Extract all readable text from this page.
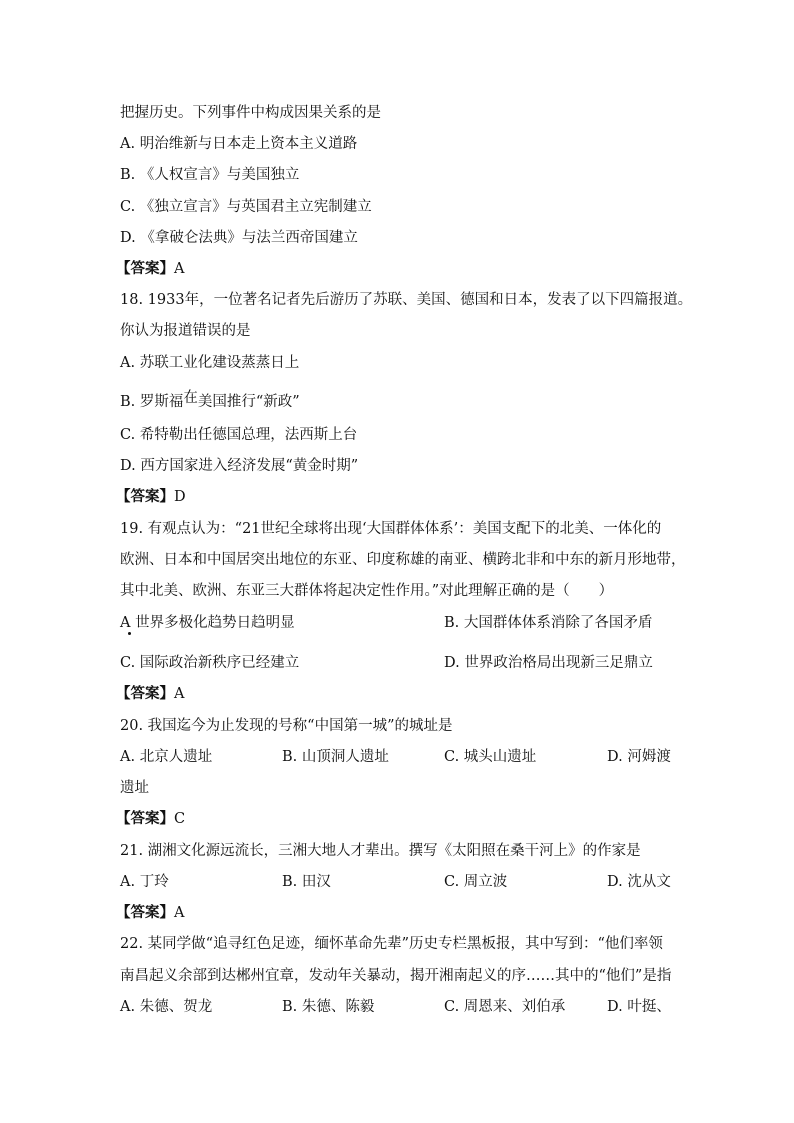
把握历史。下列事件中构成因果关系的是
A. 明治维新与日本走上资本主义道路
B. 《人权宣言》与美国独立
C. 《独立宣言》与英国君主立宪制建立
D. 《拿破仑法典》与法兰西帝国建立
【答案】A
18. 1933年，一位著名记者先后游历了苏联、美国、德国和日本，发表了以下四篇报道。
你认为报道错误的是
A. 苏联工业化建设蒸蒸日上
B. 罗斯福在美国推行“新政”
C. 希特勒出任德国总理，法西斯上台
D. 西方国家进入经济发展“黄金时期”
【答案】D
19. 有观点认为：“21世纪全球将出现‘大国群体体系’：美国支配下的北美、一体化的
欧洲、日本和中国居突出地位的东亚、印度称雄的南亚、横跨北非和中东的新月形地带，
其中北美、欧洲、东亚三大群体将起决定性作用。”对此理解正确的是（　　）
A 世界多极化趋势日趋明显	B. 大国群体体系消除了各国矛盾
C. 国际政治新秩序已经建立	D. 世界政治格局出现新三足鼎立
【答案】A
20. 我国迄今为止发现的号称“中国第一城”的城址是
A. 北京人遗址	B. 山顶洞人遗址	C. 城头山遗址	D. 河姆渡
遗址
【答案】C
21. 湖湘文化源远流长，三湘大地人才辈出。撰写《太阳照在桑干河上》的作家是
A. 丁玲	B. 田汉	C. 周立波	D. 沈从文
【答案】A
22. 某同学做“追寻红色足迹，缅怀革命先辈”历史专栏黑板报，其中写到：“他们率领
南昌起义余部到达郴州宜章，发动年关暴动，揭开湘南起义的序……其中的“他们”是指
A. 朱德、贺龙	B. 朱德、陈毅	C. 周恩来、刘伯承	D. 叶挺、
